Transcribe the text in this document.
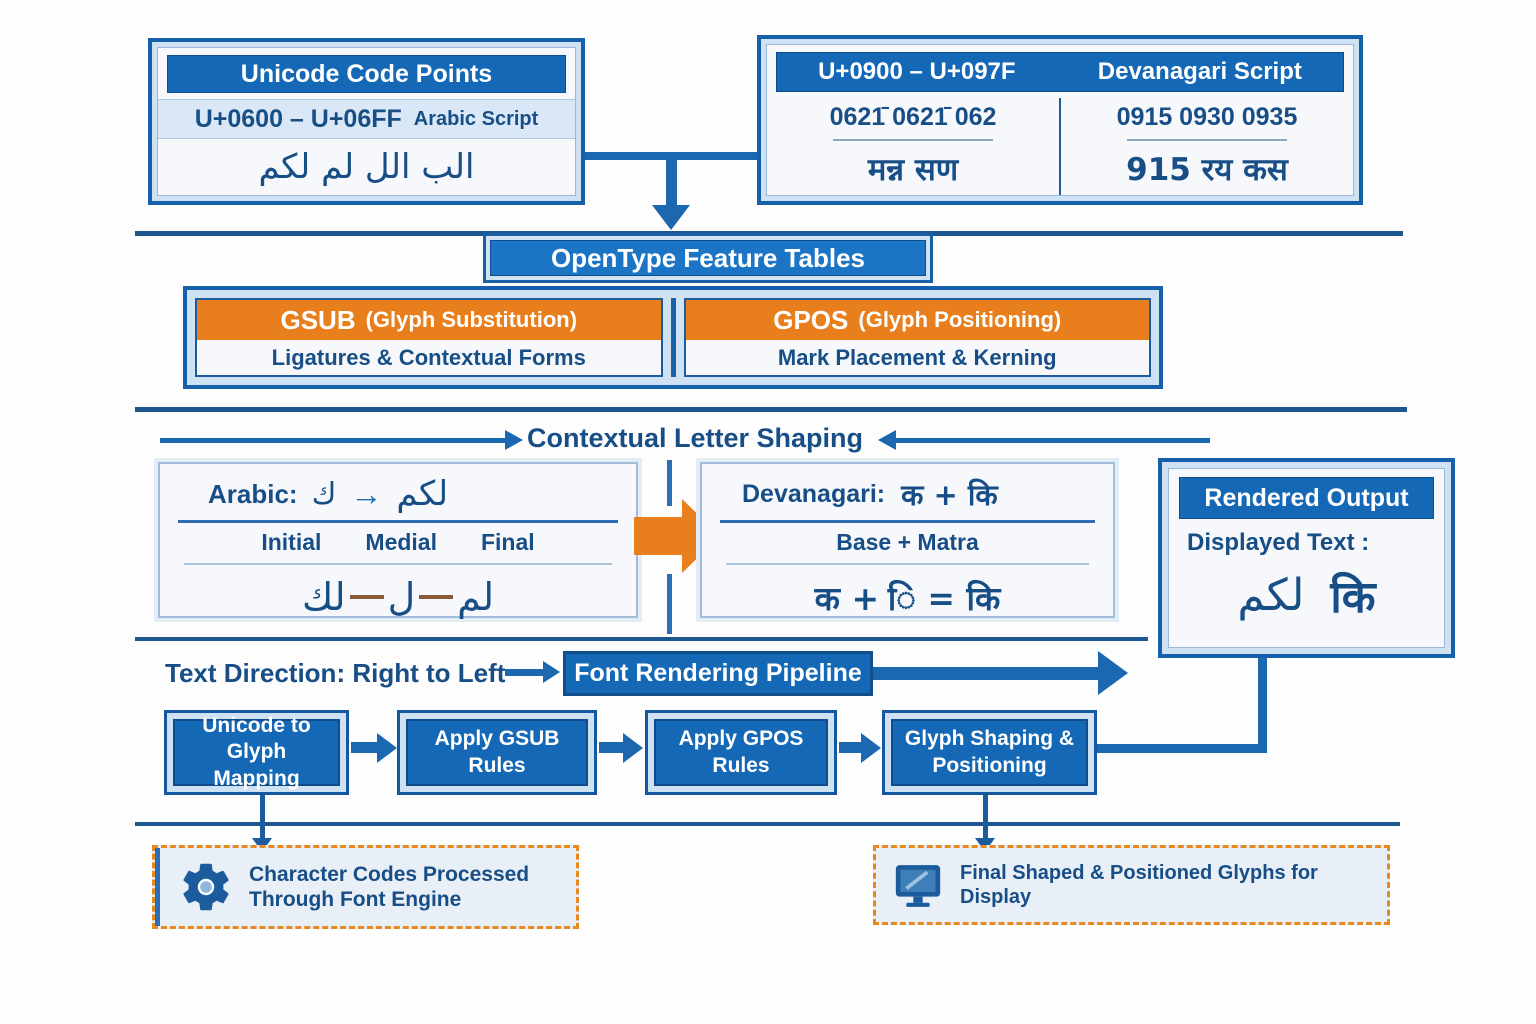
Unicode Code Points
U+0600 – U+06FF Arabic Script
الب الل لم لكم
U+0900 – U+097F	Devanagari Script
0621̄ 0621̄ 062
मन्न सण
0915 0930 0935
915 रय कस
OpenType Feature Tables
GSUB (Glyph Substitution)
Ligatures & Contextual Forms
GPOS (Glyph Positioning)
Mark Placement & Kerning
Contextual Letter Shaping
Arabic: ك → لكم
Initial Medial Final
لك ل لم
Devanagari: क + कि
Base + Matra
क + ि = कि
Rendered Output
Displayed Text :
لكم कि
Text Direction: Right to Left	Font Rendering Pipeline
Unicode to Glyph Mapping
Apply GSUB Rules
Apply GPOS Rules
Glyph Shaping & Positioning
Character Codes Processed Through Font Engine
Final Shaped & Positioned Glyphs for Display
